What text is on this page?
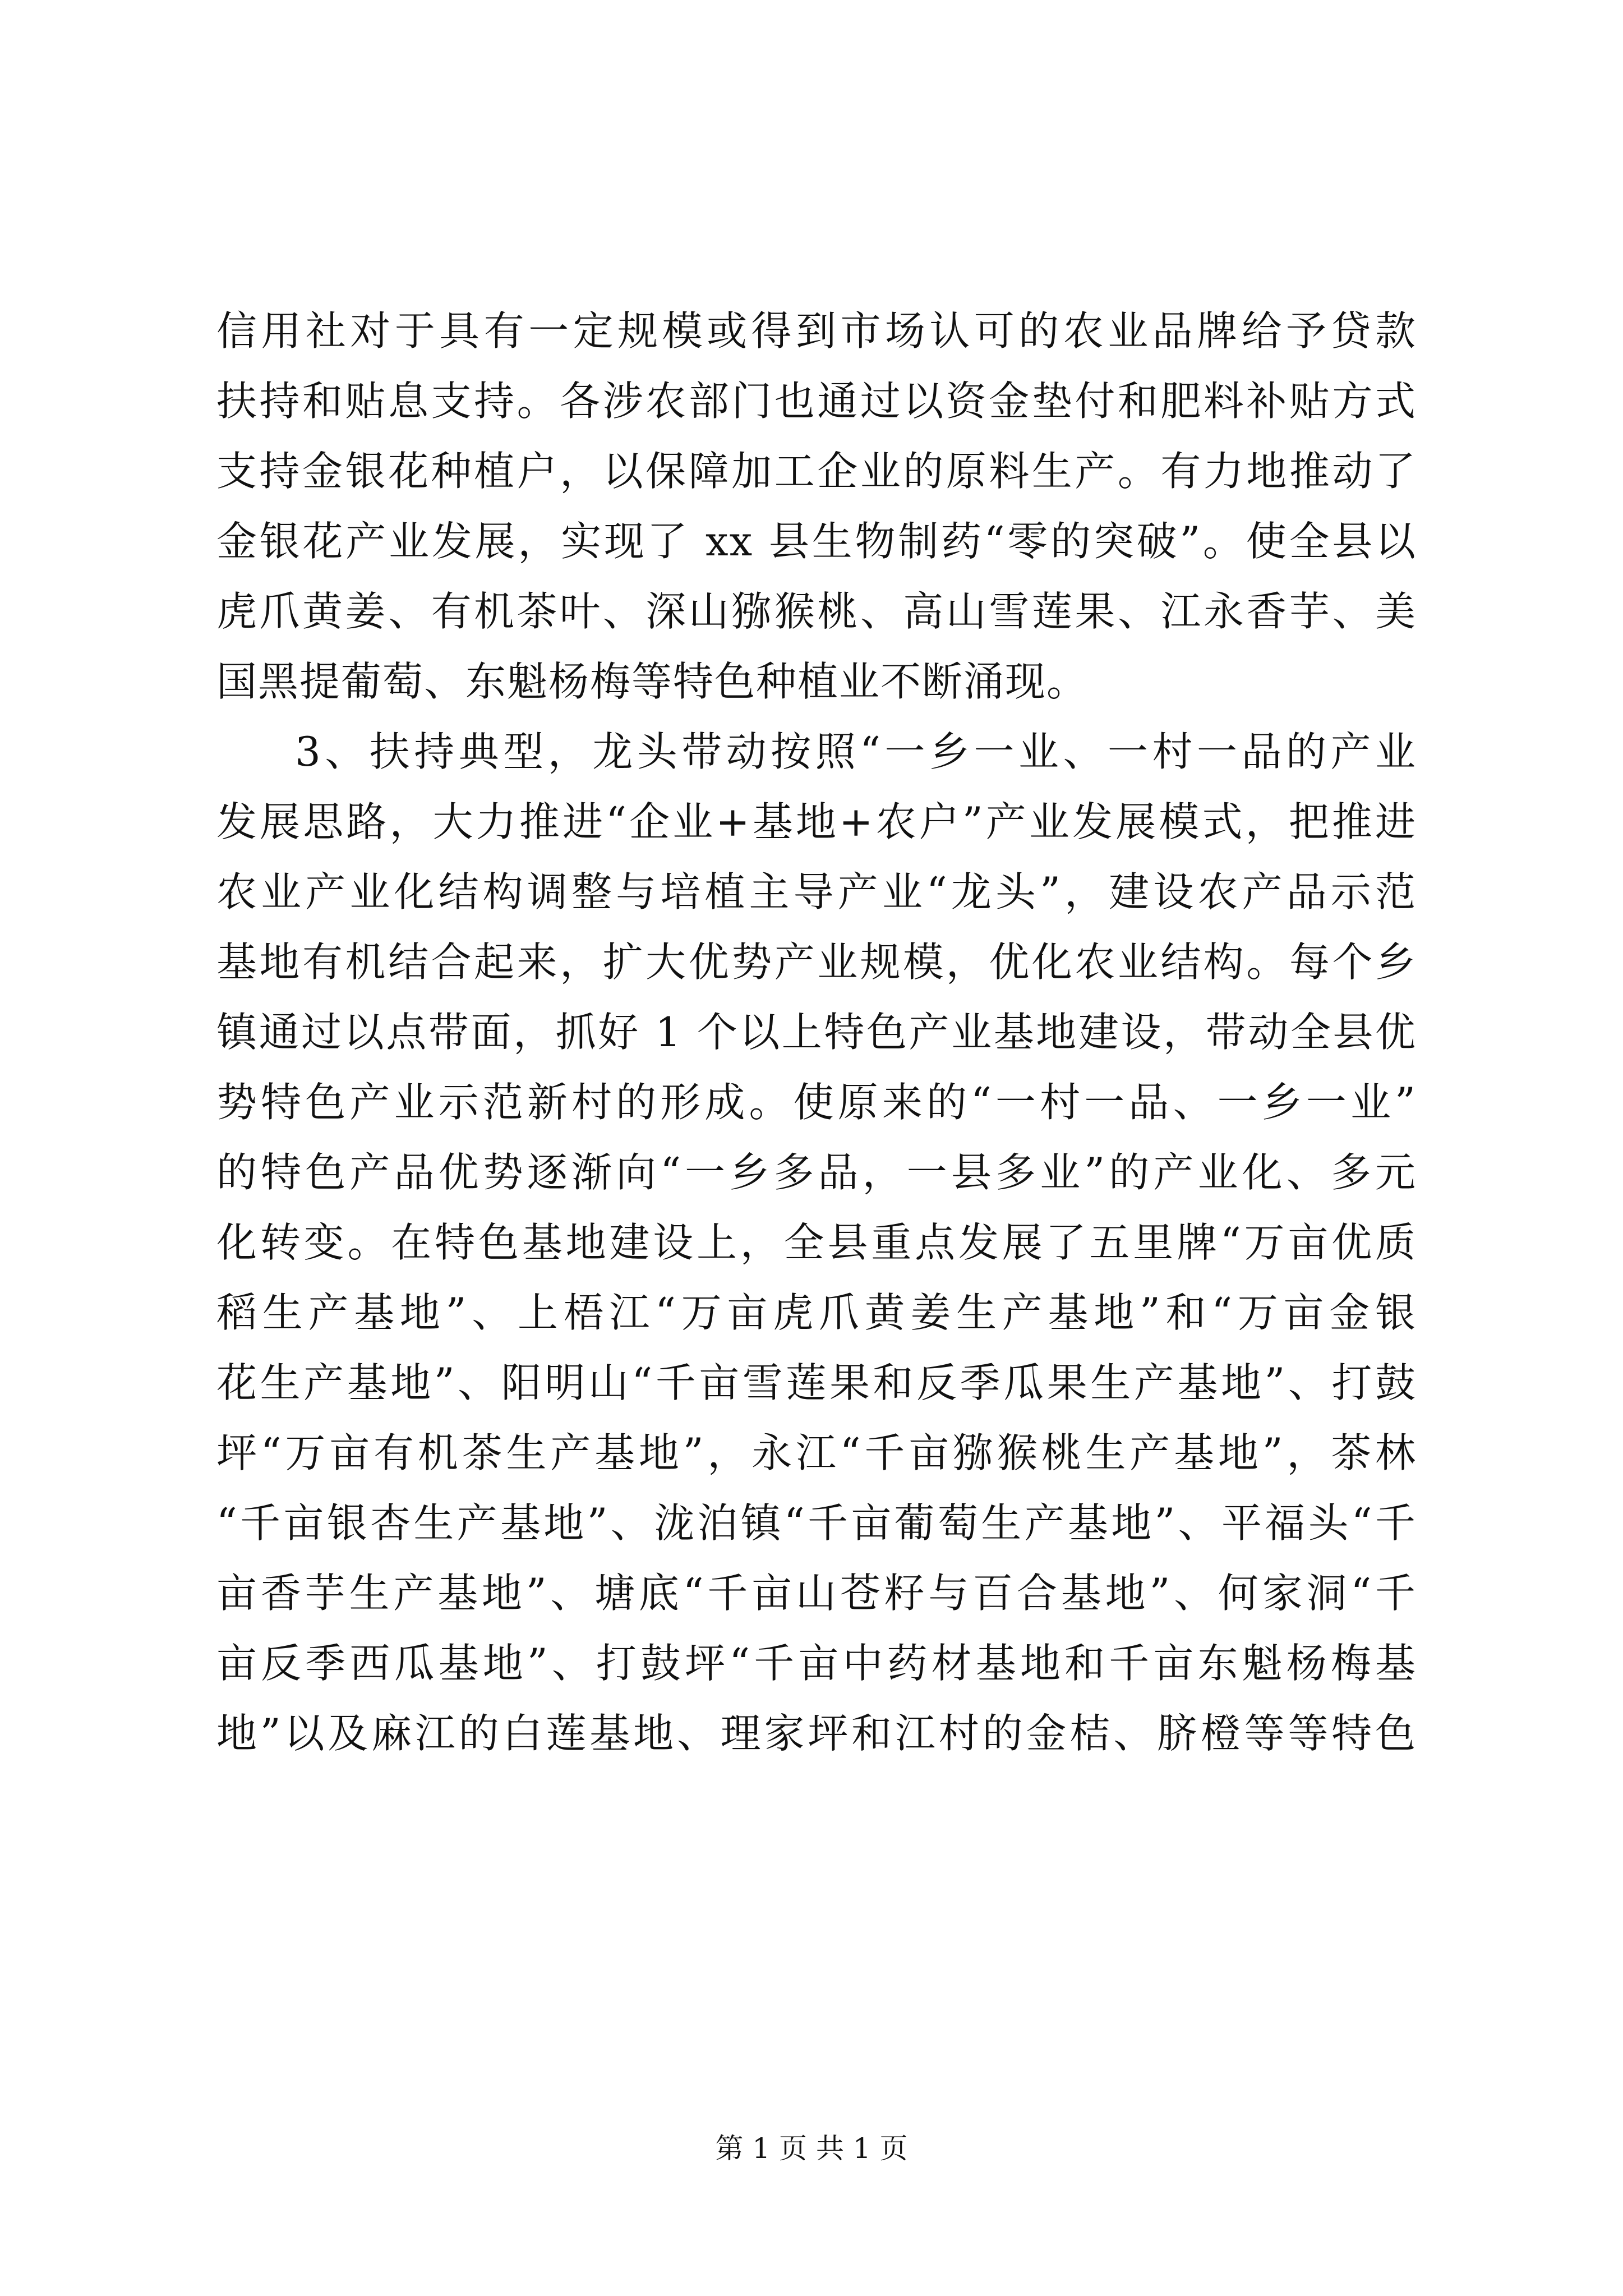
信用社对于具有一定规模或得到市场认可的农业品牌给予贷款
扶持和贴息支持。各涉农部门也通过以资金垫付和肥料补贴方式
支持金银花种植户，以保障加工企业的原料生产。有力地推动了
金银花产业发展，实现了 xx 县生物制药“零的突破”。使全县以
虎爪黄姜、有机茶叶、深山猕猴桃、高山雪莲果、江永香芋、美
国黑提葡萄、东魁杨梅等特色种植业不断涌现。
3、扶持典型，龙头带动按照“一乡一业、一村一品的产业
发展思路，大力推进“企业+基地+农户”产业发展模式，把推进
农业产业化结构调整与培植主导产业“龙头”，建设农产品示范
基地有机结合起来，扩大优势产业规模，优化农业结构。每个乡
镇通过以点带面，抓好 1 个以上特色产业基地建设，带动全县优
势特色产业示范新村的形成。使原来的“一村一品、一乡一业”
的特色产品优势逐渐向“一乡多品，一县多业”的产业化、多元
化转变。在特色基地建设上，全县重点发展了五里牌“万亩优质
稻生产基地”、上梧江“万亩虎爪黄姜生产基地”和“万亩金银
花生产基地”、阳明山“千亩雪莲果和反季瓜果生产基地”、打鼓
坪“万亩有机茶生产基地”，永江“千亩猕猴桃生产基地”，茶林
“千亩银杏生产基地”、泷泊镇“千亩葡萄生产基地”、平福头“千
亩香芋生产基地”、塘底“千亩山苍籽与百合基地”、何家洞“千
亩反季西瓜基地”、打鼓坪“千亩中药材基地和千亩东魁杨梅基
地”以及麻江的白莲基地、理家坪和江村的金桔、脐橙等等特色
第 1 页 共 1 页
